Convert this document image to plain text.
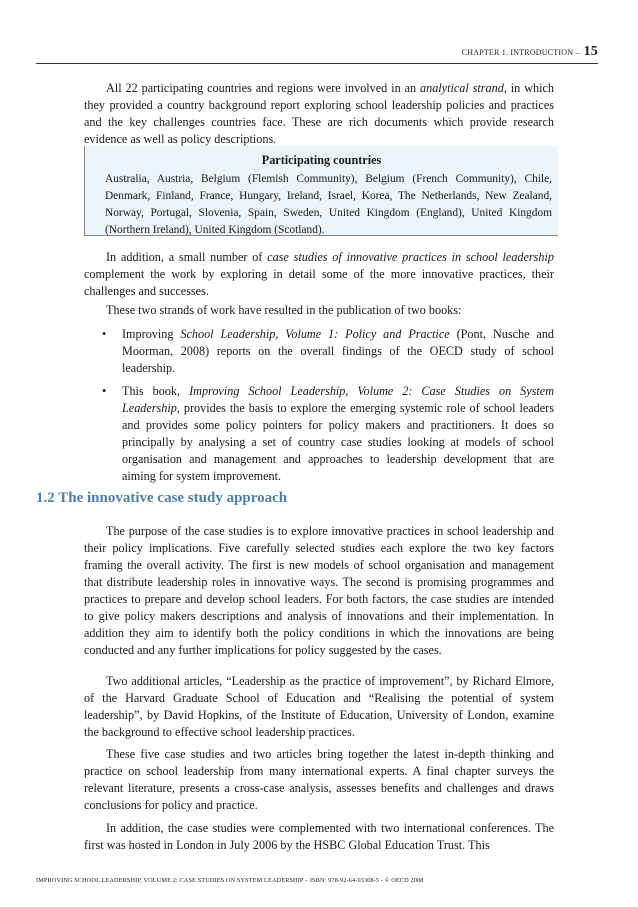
CHAPTER 1. INTRODUCTION – 15

All 22 participating countries and regions were involved in an analytical strand, in which they provided a country background report exploring school leadership policies and practices and the key challenges countries face. These are rich documents which provide research evidence as well as policy descriptions.

Participating countries
Australia, Austria, Belgium (Flemish Community), Belgium (French Community), Chile, Denmark, Finland, France, Hungary, Ireland, Israel, Korea, The Netherlands, New Zealand, Norway, Portugal, Slovenia, Spain, Sweden, United Kingdom (England), United Kingdom (Northern Ireland), United Kingdom (Scotland).

In addition, a small number of case studies of innovative practices in school leadership complement the work by exploring in detail some of the more innovative practices, their challenges and successes.

These two strands of work have resulted in the publication of two books:

• Improving School Leadership, Volume 1: Policy and Practice (Pont, Nusche and Moorman, 2008) reports on the overall findings of the OECD study of school leadership.
• This book, Improving School Leadership, Volume 2: Case Studies on System Leadership, provides the basis to explore the emerging systemic role of school leaders and provides some policy pointers for policy makers and practitioners. It does so principally by analysing a set of country case studies looking at models of school organisation and management and approaches to leadership development that are aiming for system improvement.
1.2 The innovative case study approach

The purpose of the case studies is to explore innovative practices in school leadership and their policy implications. Five carefully selected studies each explore the two key factors framing the overall activity. The first is new models of school organisation and management that distribute leadership roles in innovative ways. The second is promising programmes and practices to prepare and develop school leaders. For both factors, the case studies are intended to give policy makers descriptions and analysis of innovations and their implementation. In addition they aim to identify both the policy conditions in which the innovations are being conducted and any further implications for policy suggested by the cases.

Two additional articles, “Leadership as the practice of improvement”, by Richard Elmore, of the Harvard Graduate School of Education and “Realising the potential of system leadership”, by David Hopkins, of the Institute of Education, University of London, examine the background to effective school leadership practices.

These five case studies and two articles bring together the latest in-depth thinking and practice on school leadership from many international experts. A final chapter surveys the relevant literature, presents a cross-case analysis, assesses benefits and challenges and draws conclusions for policy and practice.

In addition, the case studies were complemented with two international conferences. The first was hosted in London in July 2006 by the HSBC Global Education Trust. This

IMPROVING SCHOOL LEADERSHIP, VOLUME 2: CASE STUDIES ON SYSTEM LEADERSHIP – ISBN: 978-92-64-03308-5 - © OECD 2008
